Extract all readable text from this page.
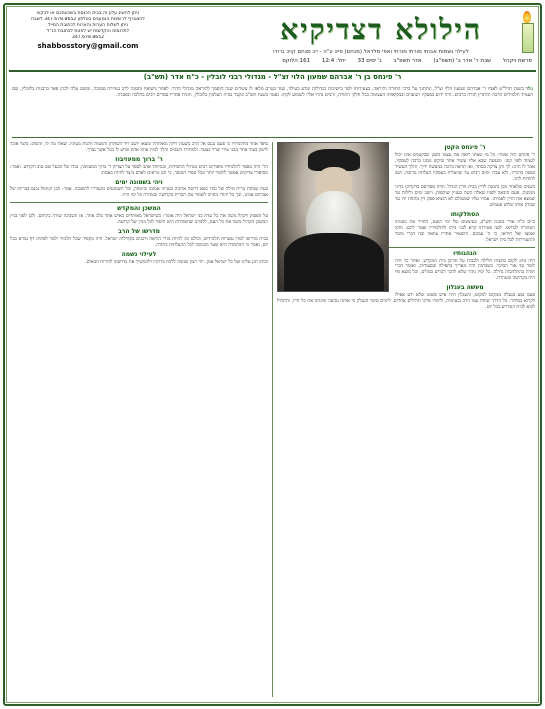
ניתן להשיג עלון זה בבית הכנסת בשכונתכם או לבקש
להצטרף לרשימת הנמענים בטלפון 347.678.8652 לשבת
ניתן לשלוח הערות והארות לכתובת המייל
לתרומות והקדשות יש לפנות לכתובת הנ"ל
347.678.8652
shabbosstory@gmail.com	הילולא דצדיקיא
לעילוי נשמות אבותי מורתי מורתי ואפי מלדאל (מנחם) פייג ע"ה - ייכ מנחם קויכ גרודו
פרשת ויקהל שבת ר' אדר ב' (תשפ"ב) אדר תשפ"ב ג' ימים 33 יחל: 12:4 161 הלוקס
ר' פינחס בן ר' אברהם שמעון הלוי זצ"ל - מגדולי רבני לובלין - כ"ח אדר (תש"ב)
נולד בשנת תרל"ט לאביו ר' אברהם שמעון הלוי זצ"ל, ונתחנך על ברכי התורה והיראה. בצעירותו למד בישיבות הגדולות ונודע כעילוי, ועוד בטרם מלאו לו עשרים שנה הוסמך להוראה מגדולי הדור. לאחר נישואיו נתמנה לרב בעיירה סמוכה, ומשם עלה לכהן פאר ברבנות בלובלין, שם העמיד תלמידים הרבה והרביץ תורה ברבים. היה ידוע בפסקיו הנועזים ובבקיאותו העצומה בכל חלקי התורה, ורבים נהרו אליו לשמוע לקחו. נפטר בשנת תש"ב ונקבר בבית העלמין בלובלין, והניח אחריו ספרים רבים בהלכה ובאגדה.
ר' פינחס הקטן
ר' פינחס היה אומר: כל מי שאינו רואה את עצמו כקטן שבקטנים אינו יכול לעמוד לפני קונו. ומעשה שבא אליו עשיר אחד וביקש ממנו ברכה לעסקיו, אמר לו הרב: לך ותן צדקה בסתר, ואז תראה ברכה במעשה ידיך. והלך העשיר ועשה כדבריו, ולא עברו ימים רבים עד שהצליח בעסקיו הצלחה מרובה, ושב להודות לרב.
בשנים שלאחר מכן נתמנה לדיין בבית הדין הגדול, והיה מפורסם בדקדוקו בדיני ממונות. פעם הובאה לפניו שאלה קשה בעניין שותפות, וישב ימים ולילות עד שמצא את הדין לאמיתו. אמרו עליו שמעולם לא הוציא פסק דין מתחת ידו עד שבדק אותו שלוש פעמים.
הסתלקותו
ביום כ"ח אדר בשנת תש"ב, בעיצומם של ימי הזעם, החזיר את נשמתו הטהורה לבוראו. לפני פטירתו קרא לבני ביתו ולתלמידיו ואמר להם: חזקו ואמצו ואל תיראו, כי ה' עמכם. והשאיר אחריו צוואה ובה דברי מוסר והתעוררות לכל בית ישראל.
הנהגותיו
היה נוהג לקום בחצות הלילה ולבכות על חורבן בית המקדש, ואחר כך היה לומד עד אור הבוקר. בשבתות היה מאריך בתפילה ובסעודות, ואומר דברי תורה בהתלהבות גדולה. כל ימיו נזהר שלא לדבר דברים בטלים, וכל מוצא פיו היה בקדושה ובטהרה.
מעשה בעגלון
פעם נסע בעגלה ממקום למקום, והעגלון היה איש פשוט שלא ידע אפילו לקרוא בסידור. כל הדרך שוחח עמו הרב בנעימות, ולימדו פרקי תהילים אחדים. לימים סיפר העגלון כי אותה נסיעה שינתה את כל חייו, והתחיל לבוא לבית המדרש בכל יום.
סיפר אחד מתלמידיו כי פעם נכנס אל הרב בשעת לילה מאוחרת ומצאו יושב ליד השולחן ודמעות זולגות מעיניו. שאלו מה לו, והשיב: כיצד אוכל לישון בעוד אחד מבני עירי שרוי בצער. ולמחרת השכים והלך לבית אותו אדם וסייע לו בכל אשר נצרך.
ר' ברוך ממעזיבוז
הר' היה מספר לתלמידיו סיפורים רבים מגדולי החסידות, ובמיוחד אהב לספר על הצדיק ר' ברוך ממעזיבוז, נכדו של הבעל שם טוב הקדוש. ואמר: מסיפורי צדיקים אפשר ללמוד יותר מכל ספרי המוסר, כי הם מראים לאדם כיצד לחיות באמת.
ויהי בשמונה ימים
בעת שמחת ברית מילה של נכדו נשא דרשה ארוכה בענייני אמונה וביטחון, וכל השומעים נתעוררו לתשובה. אמר: הבן הנימול נכנס בבריתו של אברהם אבינו, וכך כל יהודי מחויב לשמור את הברית בקדושה ובטהרה כל ימי חייו.
המשכן והמקדש
על הפסוק ויקהל משה את כל עדת בני ישראל היה אומר: כשישראל מאוחדים כאיש אחד בלב אחד, אז השכינה שורה ביניהם. ולכן לפני בניין המשכן הקהיל משה את כל העם, ללמדנו שהאחדות היא היסוד לכל בניין של קדושה.
מדרשו של הרב
בבית מדרשו למדו עשרות תלמידים, וכולם זכו להיות מורי הוראה ורבנים בקהילות ישראל. היה מקפיד שכל תלמיד ילמד לפחות דף גמרא בכל יום, ואמר כי ההתמדה היא שער הכניסה לכל ההצלחות בתורה.
לעילוי נשמה
זכותו תגן עלינו ועל כל ישראל אמן. יהי רצון שנזכה ללכת בדרכיו ולהמשיך את מורשתו לדורות הבאים.
